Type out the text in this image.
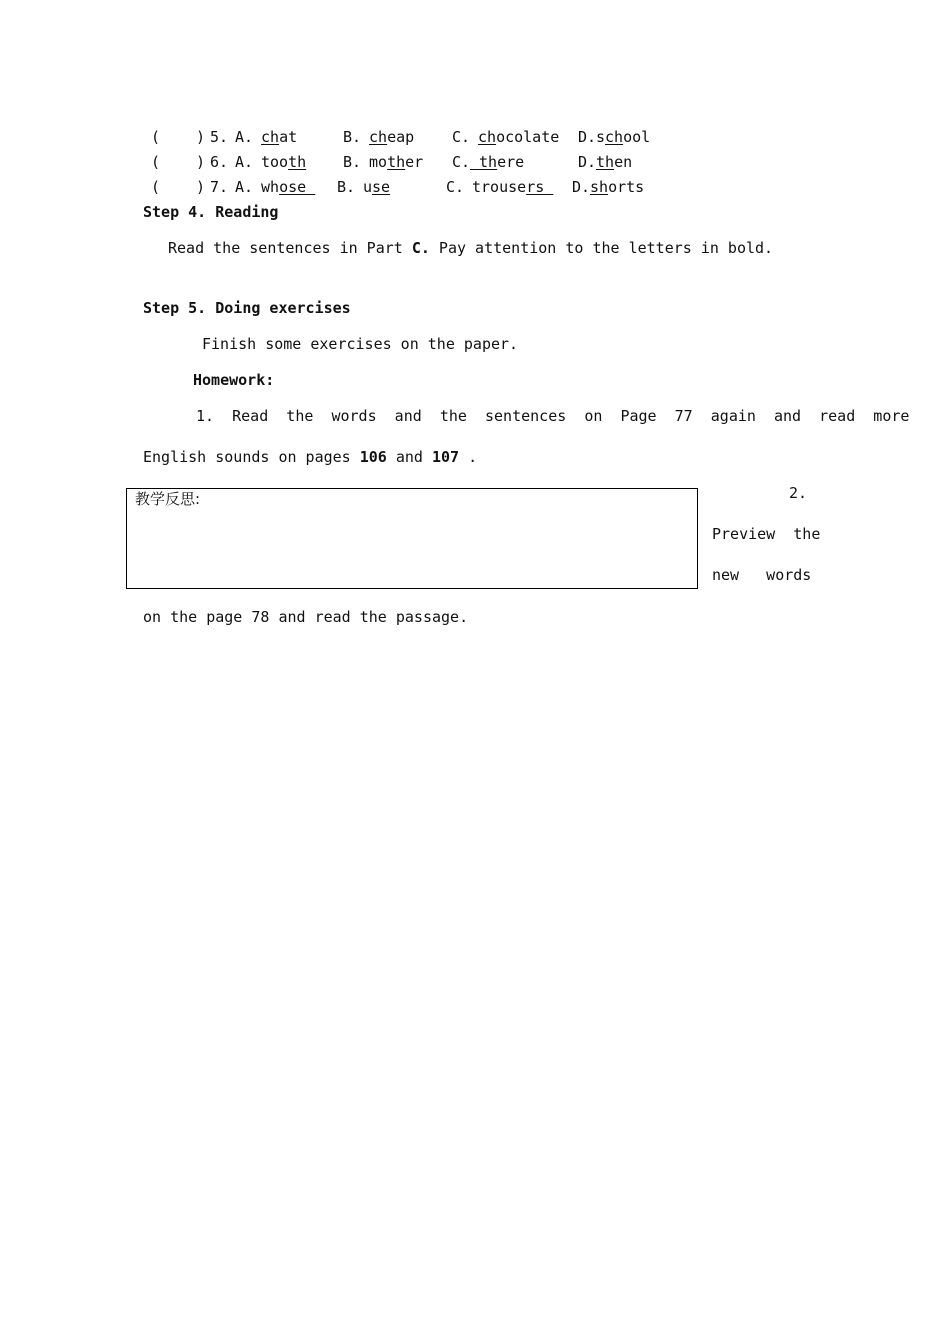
( ) 5. A. chat	B. cheap	C. chocolate D. school
( ) 6. A. tooth B. mother C. there	D. then
( ) 7. A. whose B. use	C. trousers D. shorts
Step 4. Reading
Read the sentences in Part C. Pay attention to the letters in bold.
Step 5. Doing exercises
Finish some exercises on the paper.
Homework:
1.  Read  the  words  and  the  sentences  on  Page  77  again  and  read  more
English sounds on pages 106 and 107 .
教学反思:	2.
Preview  the
new   words
on the page 78 and read the passage.
